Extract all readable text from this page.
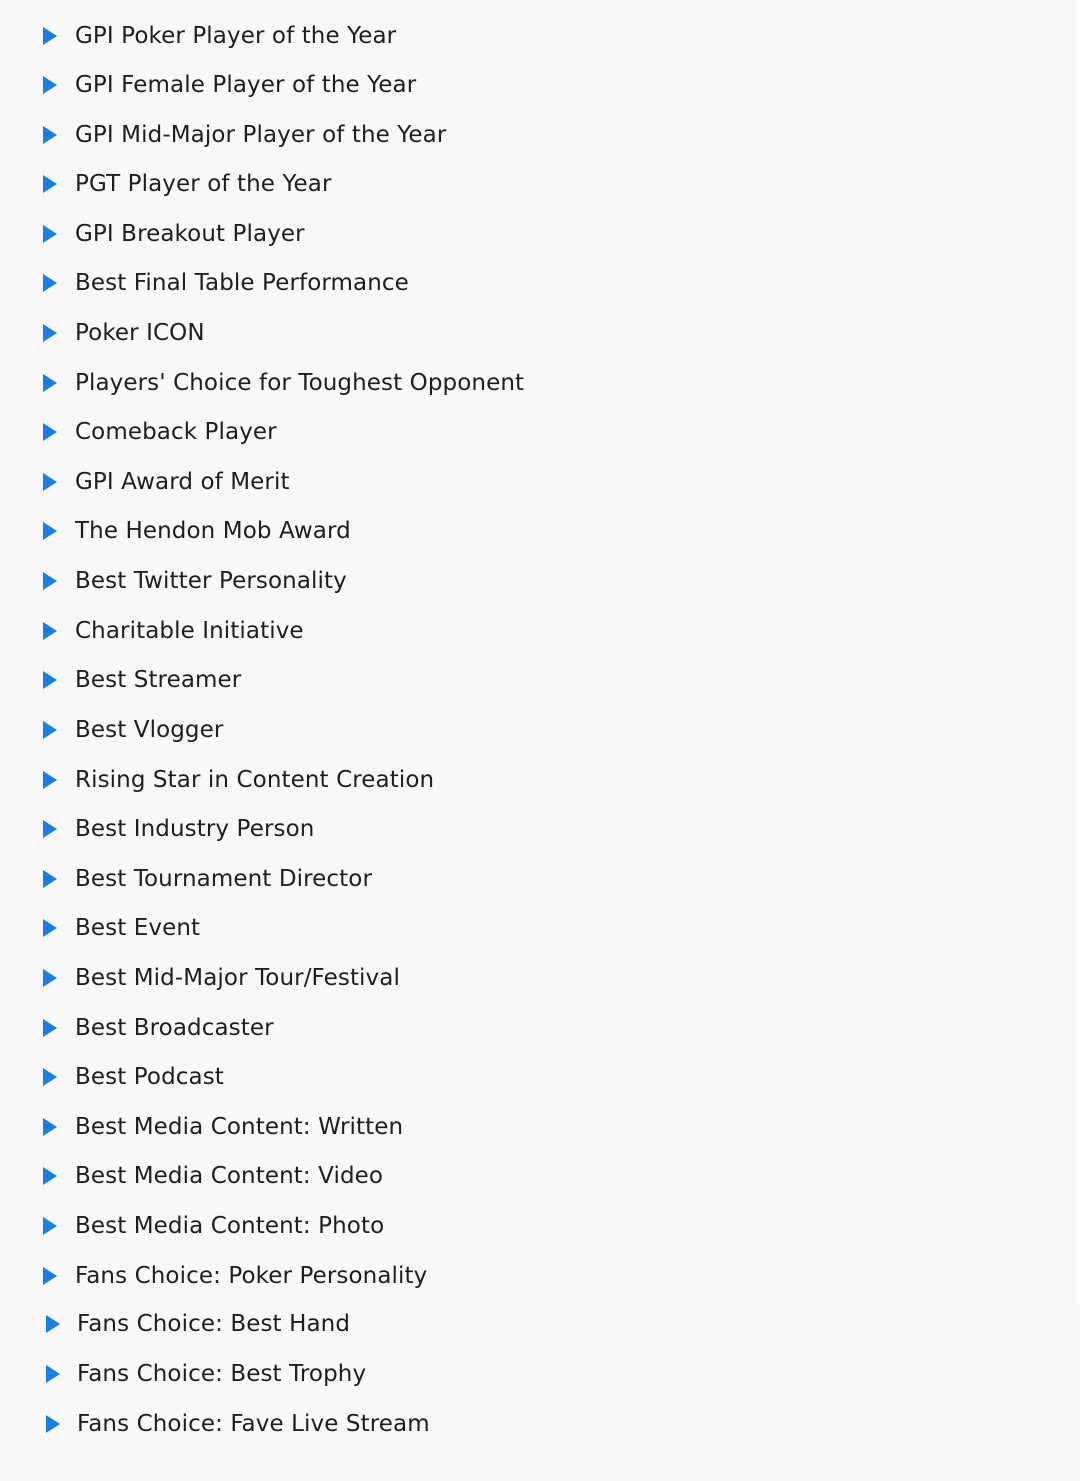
GPI Poker Player of the Year
GPI Female Player of the Year
GPI Mid-Major Player of the Year
PGT Player of the Year
GPI Breakout Player
Best Final Table Performance
Poker ICON
Players' Choice for Toughest Opponent
Comeback Player
GPI Award of Merit
The Hendon Mob Award
Best Twitter Personality
Charitable Initiative
Best Streamer
Best Vlogger
Rising Star in Content Creation
Best Industry Person
Best Tournament Director
Best Event
Best Mid-Major Tour/Festival
Best Broadcaster
Best Podcast
Best Media Content: Written
Best Media Content: Video
Best Media Content: Photo
Fans Choice: Poker Personality
Fans Choice: Best Hand
Fans Choice: Best Trophy
Fans Choice: Fave Live Stream
